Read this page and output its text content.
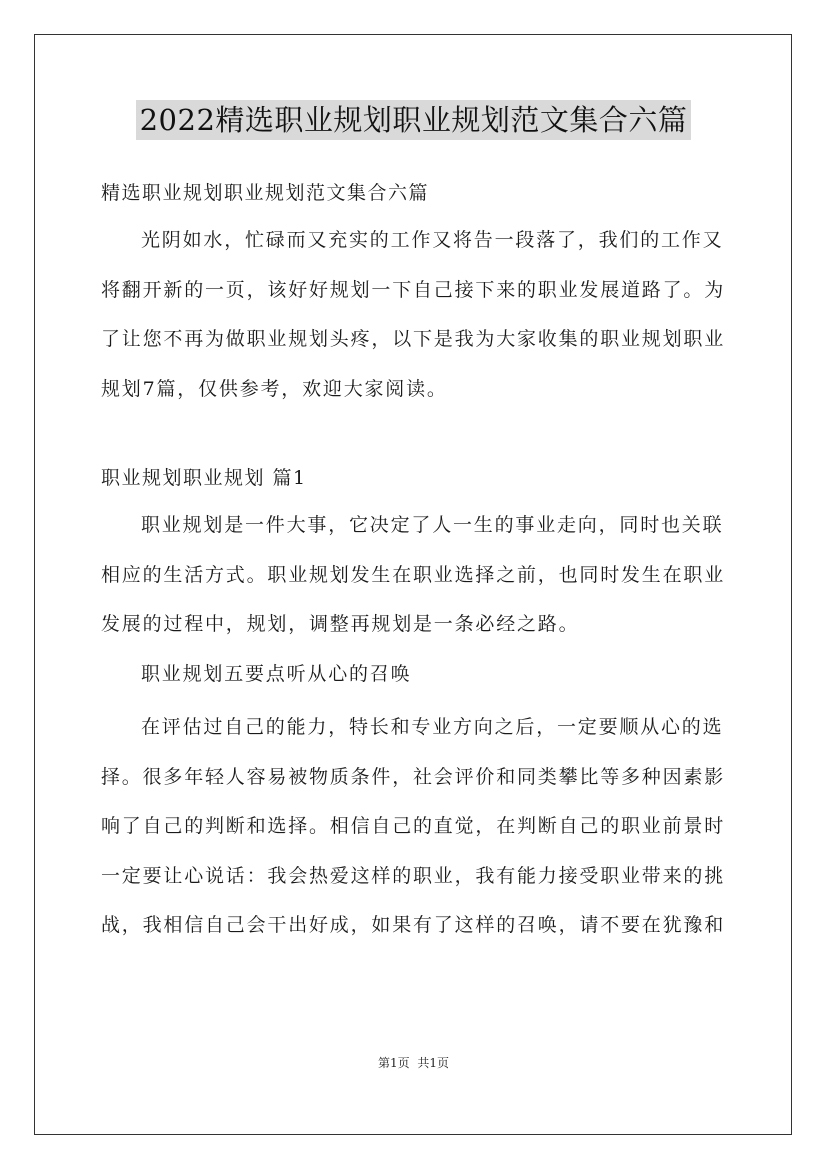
2022精选职业规划职业规划范文集合六篇

精选职业规划职业规划范文集合六篇

光阴如水，忙碌而又充实的工作又将告一段落了，我们的工作又
将翻开新的一页，该好好规划一下自己接下来的职业发展道路了。为
了让您不再为做职业规划头疼，以下是我为大家收集的职业规划职业
规划7篇，仅供参考，欢迎大家阅读。

职业规划职业规划 篇1

职业规划是一件大事，它决定了人一生的事业走向，同时也关联
相应的生活方式。职业规划发生在职业选择之前，也同时发生在职业
发展的过程中，规划，调整再规划是一条必经之路。
职业规划五要点听从心的召唤
在评估过自己的能力，特长和专业方向之后，一定要顺从心的选
择。很多年轻人容易被物质条件，社会评价和同类攀比等多种因素影
响了自己的判断和选择。相信自己的直觉，在判断自己的职业前景时
一定要让心说话：我会热爱这样的职业，我有能力接受职业带来的挑
战，我相信自己会干出好成，如果有了这样的召唤，请不要在犹豫和
第1页 共1页
